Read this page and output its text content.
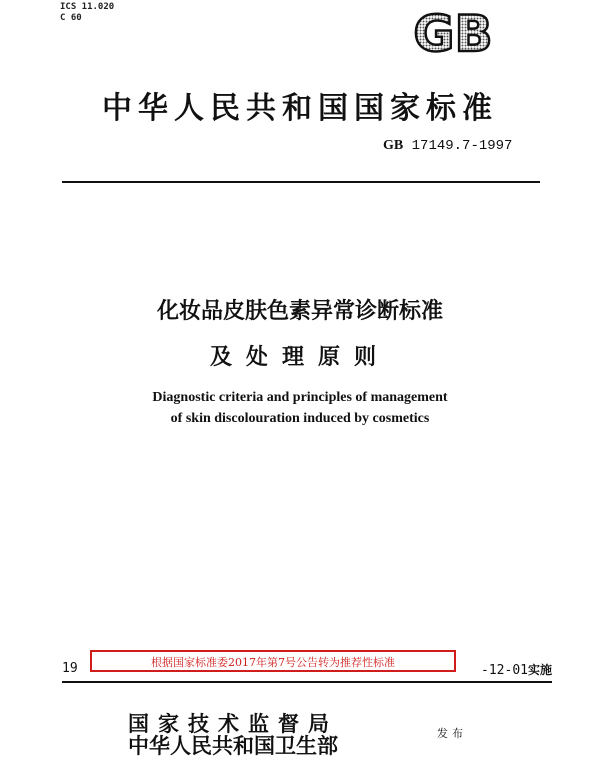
ICS 11.020
C 60	GB
中华人民共和国国家标准
GB 17149.7-1997
化妆品皮肤色素异常诊断标准
及处理原则
Diagnostic criteria and principles of management
of skin discolouration induced by cosmetics
19	-12-01实施
根据国家标准委2017年第7号公告转为推荐性标准
国家技术监督局
中华人民共和国卫生部	发布
